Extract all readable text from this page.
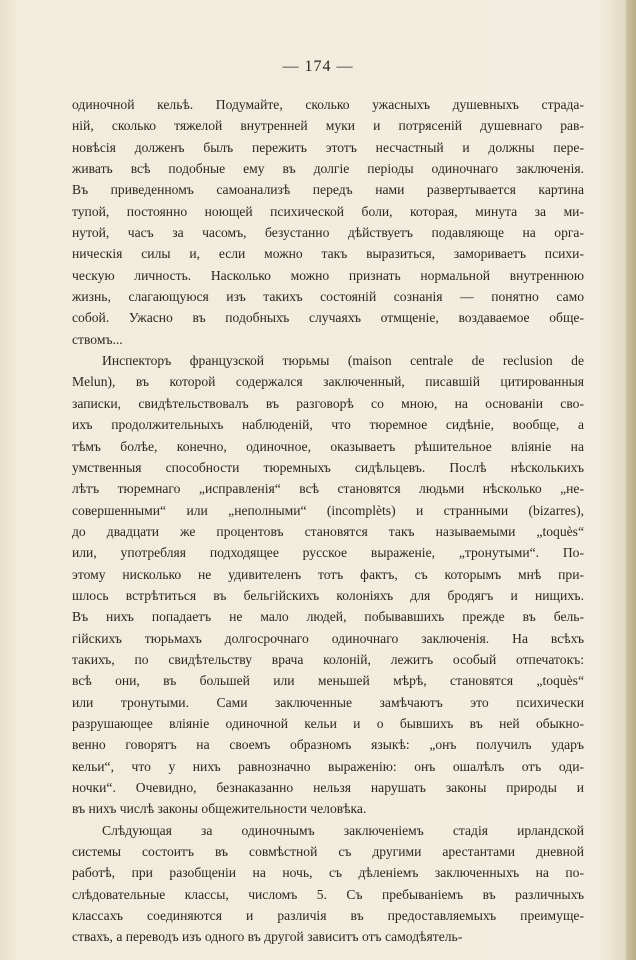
— 174 —
одиночной кельѣ. Подумайте, сколько ужасныхъ душевныхъ страда-
ній, сколько тяжелой внутренней муки и потрясеній душевнаго рав-
новѣсія долженъ былъ пережить этотъ несчастный и должны пере-
живать всѣ подобные ему въ долгіе періоды одиночнаго заключенія.
Въ приведенномъ самоанализѣ передъ нами развертывается картина
тупой, постоянно ноющей психической боли, которая, минута за ми-
нутой, часъ за часомъ, безустанно дѣйствуетъ подавляюще на орга-
ническія силы и, если можно такъ выразиться, замориваетъ психи-
ческую личность. Насколько можно признать нормальной внутреннюю
жизнь, слагающуюся изъ такихъ состояній сознанія — понятно само
собой. Ужасно въ подобныхъ случаяхъ отмщеніе, воздаваемое обще-
ствомъ...
Инспекторъ французской тюрьмы (maison centrale de reclusion de
Melun), въ которой содержался заключенный, писавшій цитированныя
записки, свидѣтельствовалъ въ разговорѣ со мною, на основаніи сво-
ихъ продолжительныхъ наблюденій, что тюремное сидѣніе, вообще, а
тѣмъ болѣе, конечно, одиночное, оказываетъ рѣшительное вліяніе на
умственныя способности тюремныхъ сидѣльцевъ. Послѣ нѣсколькихъ
лѣтъ тюремнаго „исправленія“ всѣ становятся людьми нѣсколько „не-
совершенными“ или „неполными“ (incomplèts) и странными (bizarres),
до двадцати же процентовъ становятся такъ называемыми „toquès“
или, употребляя подходящее русское выраженіе, „тронутыми“. По-
этому нисколько не удивителенъ тотъ фактъ, съ которымъ мнѣ при-
шлось встрѣтиться въ бельгійскихъ колоніяхъ для бродягъ и нищихъ.
Въ нихъ попадаетъ не мало людей, побывавшихъ прежде въ бель-
гійскихъ тюрьмахъ долгосрочнаго одиночнаго заключенія. На всѣхъ
такихъ, по свидѣтельству врача колоній, лежитъ особый отпечатокъ:
всѣ они, въ большей или меньшей мѣрѣ, становятся „toquès“
или тронутыми. Сами заключенные замѣчаютъ это психически
разрушающее вліяніе одиночной кельи и о бывшихъ въ ней обыкно-
венно говорятъ на своемъ образномъ языкѣ: „онъ получилъ ударъ
кельи“, что у нихъ равнозначно выраженію: онъ ошалѣлъ отъ оди-
ночки“. Очевидно, безнаказанно нельзя нарушать законы природы и
въ нихъ числѣ законы общежительности человѣка.
Слѣдующая за одиночнымъ заключеніемъ стадія ирландской
системы состоитъ въ совмѣстной съ другими арестантами дневной
работѣ, при разобщеніи на ночь, съ дѣленіемъ заключенныхъ на по-
слѣдовательные классы, числомъ 5. Съ пребываніемъ въ различныхъ
классахъ соединяются и различія въ предоставляемыхъ преимуще-
ствахъ, а переводъ изъ одного въ другой зависитъ отъ самодѣятель-
